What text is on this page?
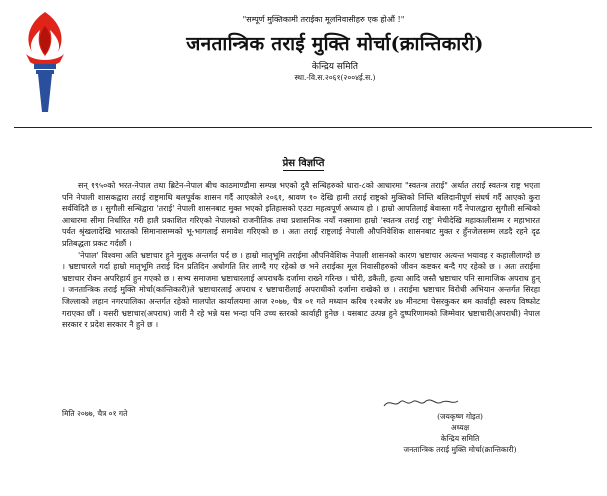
"सम्पूर्ण मुक्तिकामी तराईका मूलनिवासीहरु एक होऔं !"
जनतान्त्रिक तराई मुक्ति मोर्चा(क्रान्तिकारी)
केन्द्रिय समिति
स्था.-वि.स.२०६१(२००४ई.स.)
प्रेस विज्ञप्ति

सन् १९५०को भरत-नेपाल तथा ब्रिटेन-नेपाल बीच काठमाण्डौमा सम्पन्न भएको दुवै सन्धिहरुको धारा-८को आधारमा "स्वतन्त्र तराई" अर्थात तराई स्वतन्त्र राष्ट्र भएता पनि नेपाली शासकद्वारा तराई राष्ट्रमाथि बलपूर्वक शासन गर्दै आएकोले २०६१, श्रावण १० देखि हामी तराई राष्ट्रको मुक्तिको निम्ति बलिदानीपूर्ण संघर्ष गर्दै आएको कुरा सर्वविदितै छ । सुगौली सन्धिद्वारा 'तराई' नेपाली शासनबाट मुक्त भएको इतिहासको एउटा महत्वपूर्ण अध्याय हो । हाम्रो आपतिलाई बेवास्ता गर्दै नेपालद्वारा सुगौली सन्धिको आधारमा सीमा निर्धारित गरी हालै प्रकाशित गरिएको नेपालको राजनीतिक तथा प्रशासनिक नयाँ नक्सामा हाम्रो 'स्वतन्त्र तराई राष्ट्र' मेचीदेखि महाकालीसम्म र महाभारत पर्वत श्रृंखलादेखि भारतको सिमानासम्मको भू-भागलाई समावेश गरिएको छ । अतः तराई राष्ट्रलाई नेपाली औपनिवेशिक शासनबाट मुक्त र हुँनजेलसम्म लडदै रहने दृढ प्रतिबद्धता प्रकट गर्दछौं ।

'नेपाल' विश्वमा अति भ्रष्टाचार हुने मुलुक अन्तर्गत पर्द छ । हाम्रो मातृभूमि तराईमा औपनिवेशिक नेपाली शासनको कारण भ्रष्टाचार अत्यन्त भयावह र कहालीलाग्दो छ । भ्रष्टाचारले गर्दा हाम्रो मातृभूमि तराई दिन प्रतिदिन अधोगति तिर लाग्दै गए रहेको छ भने तराईका मूल निवासीहरुको जीवन कष्टकर बन्दै गए रहेको छ । अतः तराईमा भ्रष्टाचार रोक्न अपरिहार्य हुन गएको छ । सभ्य समाजमा भ्रष्टाचारलाई अपराधकै दर्जामा राख्ने गरिन्छ । चोरी, डकैती, हत्या आदि जस्तै भ्रष्टाचार पनि सामाजिक अपराध हुन् । जनतान्त्रिक तराई मुक्ति मोर्चा(कान्तिकारी)ले भ्रष्टाचारलाई अपराध र भ्रष्टाचारीलाई अपराधीको दर्जामा राखेको छ । तराईमा भ्रष्टाचार विरोधी अभियान अन्तर्गत सिरहा जिल्लाको लहान नगरपालिका अन्तर्गत रहेको मालपोत कार्यालयमा आज २०७७, चैत्र ०१ गते मध्यान करिब १२बजेर ४७ मीनटमा पेसरकुकर बम कार्वाही स्वरुप विष्फोट गराएका छौं । यसरी भ्रष्टाचार(अपराध) जारी नै रहे भन्ने यस भन्दा पनि उच्च स्तरको कार्वाही हुनेछ । यसबाट उत्पन्न हुने दुष्परिणामको जिम्मेवार भ्रष्टाचारी(अपराधी) नेपाल सरकार र प्रदेश सरकार नै हुने छ ।

मिति २०७७, चैत्र ०१ गते	(जयकृष्ण गोइत)
अध्यक्ष
केन्द्रिय समिति
जनतान्त्रिक तराई मुक्ति मोर्चा(क्रान्तिकारी)
